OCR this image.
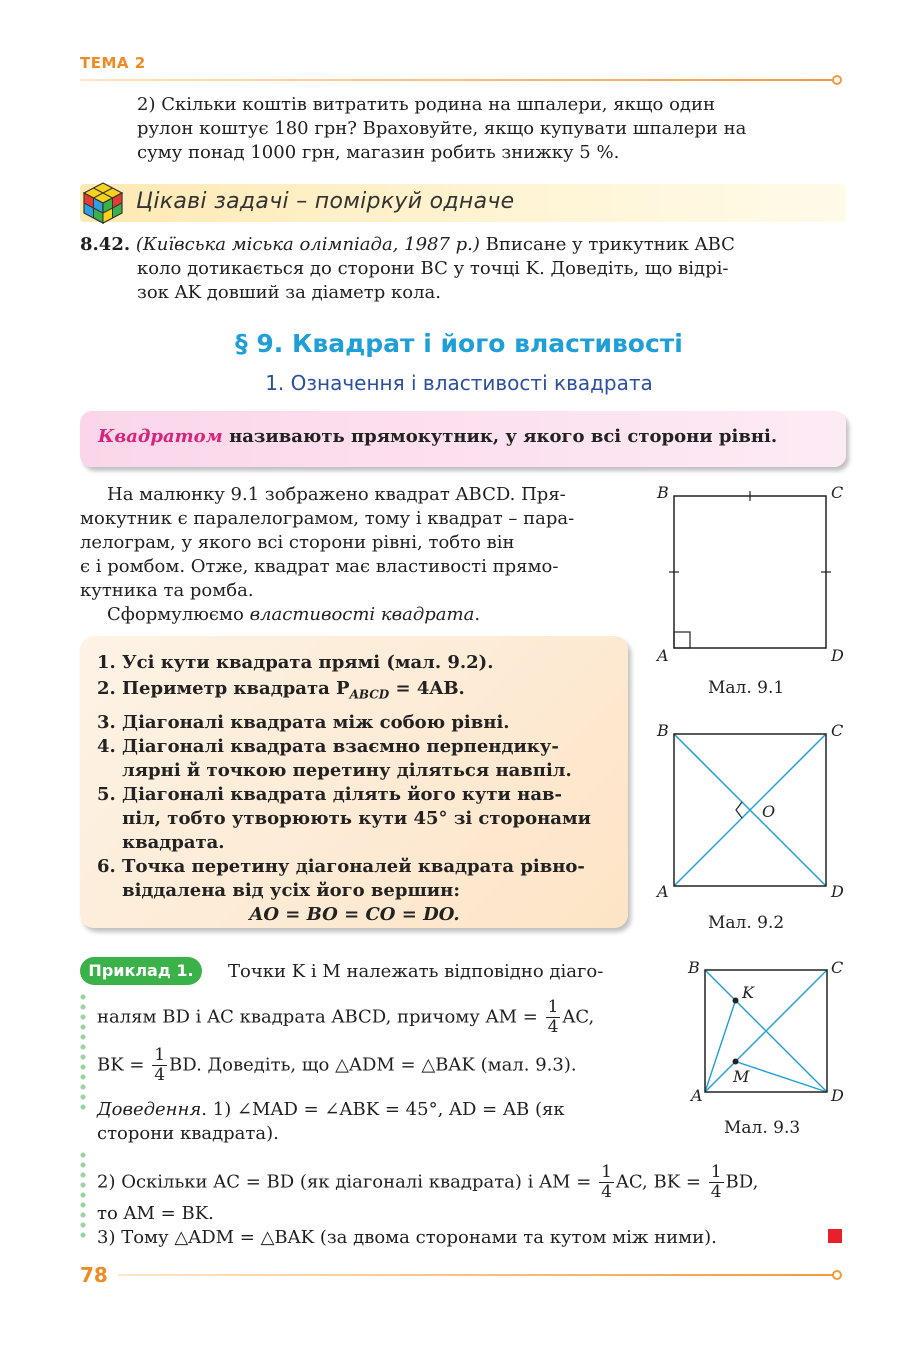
ТЕМА 2
2) Скільки коштів витратить родина на шпалери, якщо один
рулон коштує 180 грн? Враховуйте, якщо купувати шпалери на
суму понад 1000 грн, магазин робить знижку 5 %.
Цікаві задачі – поміркуй одначе
8.42. (Київська міська олімпіада, 1987 р.) Вписане у трикутник ABC
коло дотикається до сторони BC у точці K. Доведіть, що відрі-
зок AK довший за діаметр кола.
§ 9. Квадрат і його властивості
1. Означення і властивості квадрата
Квадратом називають прямокутник, у якого всі сторони рівні.
На малюнку 9.1 зображено квадрат ABCD. Пря-
мокутник є паралелограмом, тому і квадрат – пара-
лелограм, у якого всі сторони рівні, тобто він
є і ромбом. Отже, квадрат має властивості прямо-
кутника та ромба.
Сформулюємо властивості квадрата.
B	C
A	D
Мал. 9.1
1. Усі кути квадрата прямі (мал. 9.2).
2. Периметр квадрата $P_{ABCD} = 4AB$.
3. Діагоналі квадрата між собою рівні.
4. Діагоналі квадрата взаємно перпендику-
лярні й точкою перетину діляться навпіл.
5. Діагоналі квадрата ділять його кути нав-
піл, тобто утворюють кути 45° зі сторонами
квадрата.
6. Точка перетину діагоналей квадрата рівно-
віддалена від усіх його вершин:
AO = BO = CO = DO.
B	C
A	D
O
Мал. 9.2
Приклад 1.	Точки K і M належать відповідно діаго-
налям BD і AC квадрата ABCD, причому AM = $\frac{1}{4}$ AC,
BK = $\frac{1}{4}$ BD. Доведіть, що △ADM = △BAK (мал. 9.3).
Доведення. 1) ∠MAD = ∠ABK = 45°, AD = AB (як
сторони квадрата).
2) Оскільки AC = BD (як діагоналі квадрата) і AM = $\frac{1}{4}$ AC, BK = $\frac{1}{4}$ BD,
то AM = BK.
3) Тому △ADM = △BAK (за двома сторонами та кутом між ними).
B	C
A	D
K
M
Мал. 9.3
78
